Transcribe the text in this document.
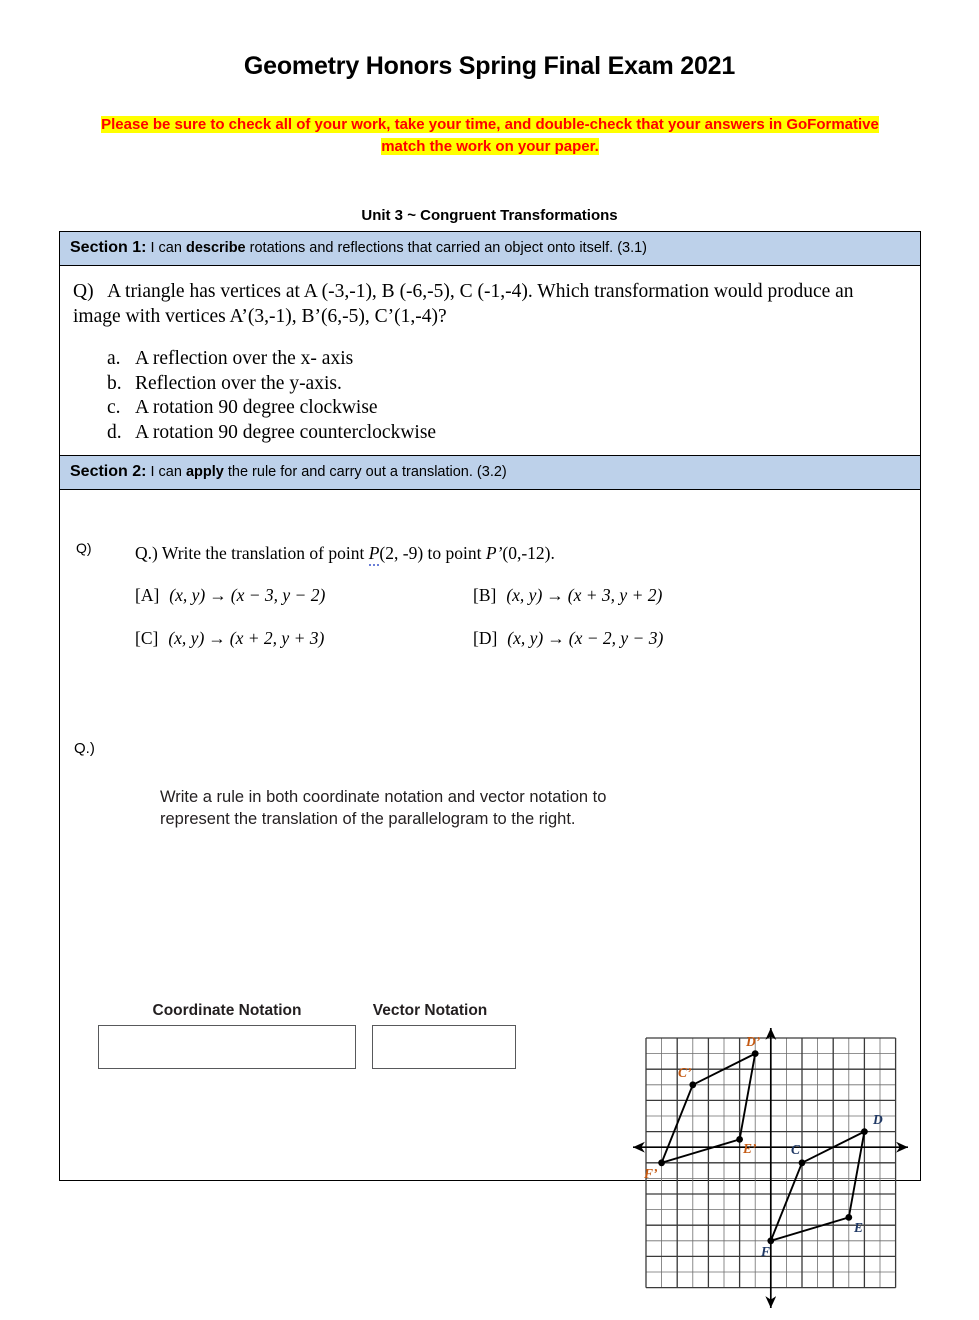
Geometry Honors Spring Final Exam 2021
Please be sure to check all of your work, take your time, and double-check that your answers in GoFormative match the work on your paper.
Unit 3 ~ Congruent Transformations
Section 1: I can describe rotations and reflections that carried an object onto itself. (3.1)
Q) A triangle has vertices at A (-3,-1), B (-6,-5), C (-1,-4). Which transformation would produce an image with vertices A’(3,-1), B’(6,-5), C’(1,-4)?
a. A reflection over the x- axis
b. Reflection over the y-axis.
c. A rotation 90 degree clockwise
d. A rotation 90 degree counterclockwise
Section 2: I can apply the rule for and carry out a translation. (3.2)
Q) Q.) Write the translation of point P(2, -9) to point P’(0,-12).
[A] (x, y) → (x − 3, y − 2)	[B] (x, y) → (x + 3, y + 2)
[C] (x, y) → (x + 2, y + 3)	[D] (x, y) → (x − 2, y − 3)
Q.)
Write a rule in both coordinate notation and vector notation to represent the translation of the parallelogram to the right.
Coordinate Notation	Vector Notation
C’
D’
E’
F’
C
D
E
F
